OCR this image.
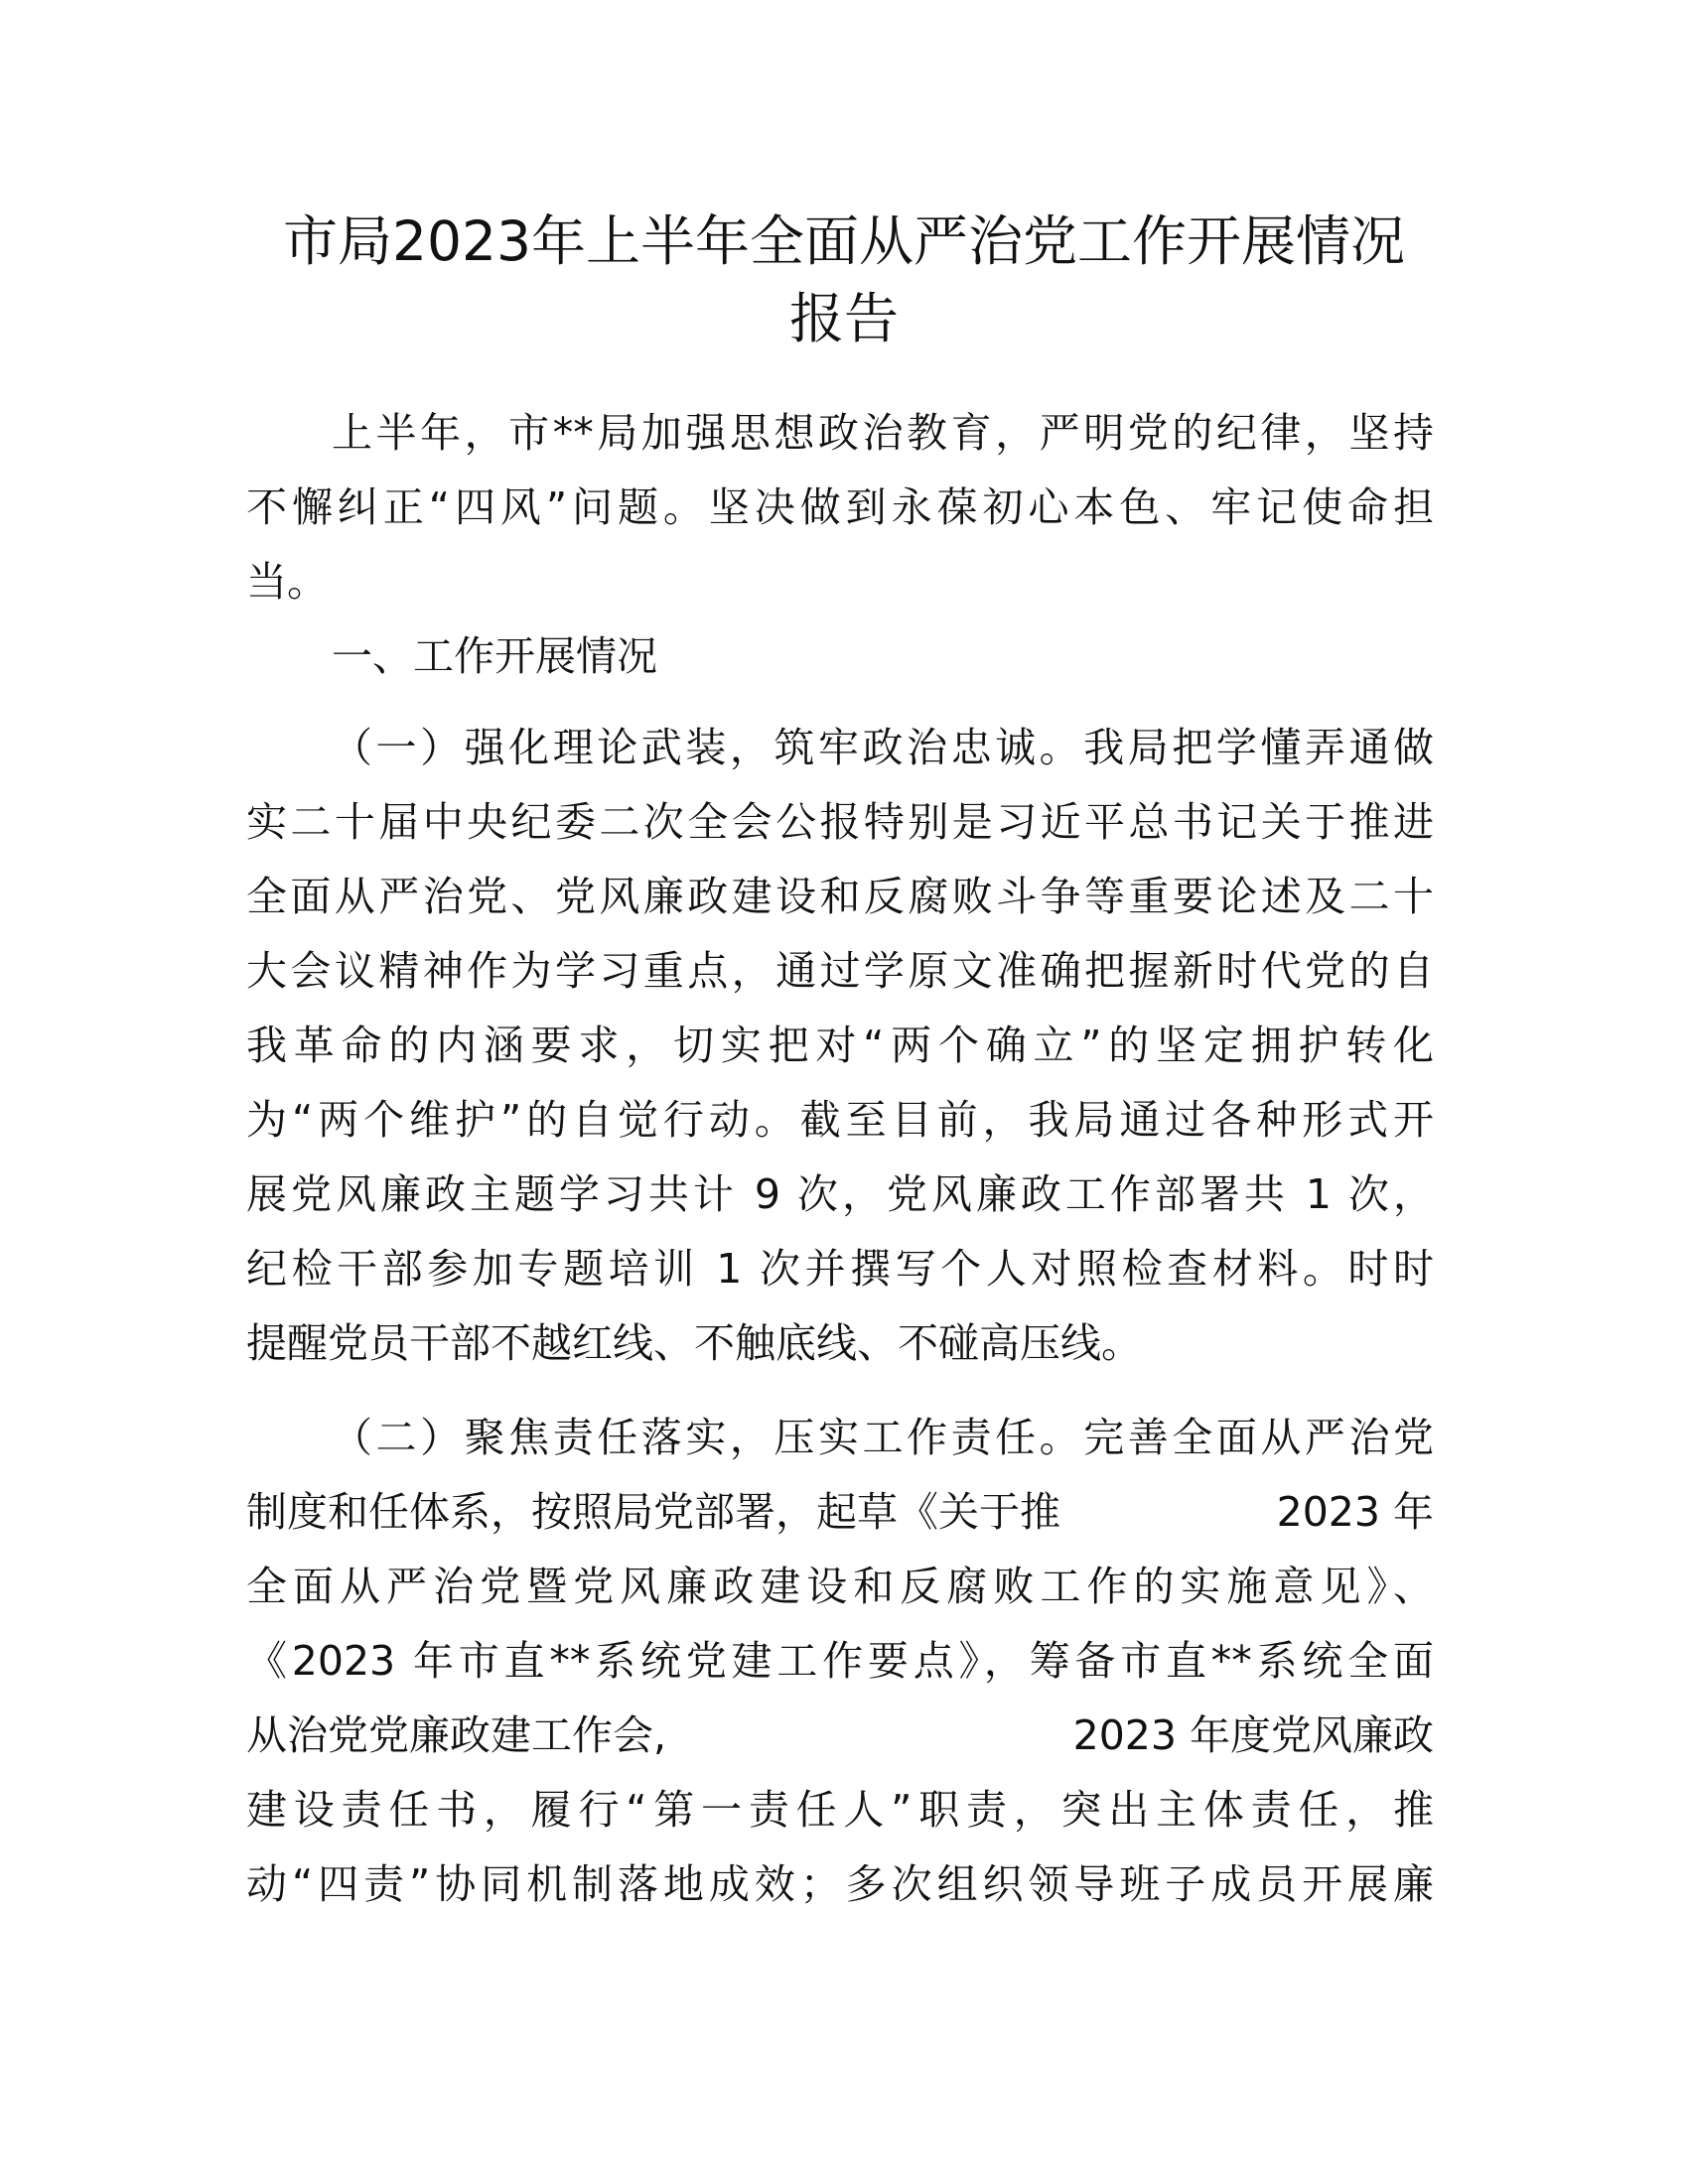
市局2023年上半年全面从严治党工作开展情况
报告

上半年，市**局加强思想政治教育，严明党的纪律，坚持

不懈纠正“四风”问题。坚决做到永葆初心本色、牢记使命担

当。

一、工作开展情况

（一）强化理论武装，筑牢政治忠诚。我局把学懂弄通做

实二十届中央纪委二次全会公报特别是习近平总书记关于推进

全面从严治党、党风廉政建设和反腐败斗争等重要论述及二十

大会议精神作为学习重点，通过学原文准确把握新时代党的自

我革命的内涵要求，切实把对“两个确立”的坚定拥护转化

为“两个维护”的自觉行动。截至目前，我局通过各种形式开

展党风廉政主题学习共计 9 次，党风廉政工作部署共 1 次，

纪检干部参加专题培训 1 次并撰写个人对照检查材料。时时

提醒党员干部不越红线、不触底线、不碰高压线。

（二）聚焦责任落实，压实工作责任。完善全面从严治党

制度和任体系，按照局党部署，起草《关于推	2023 年

全面从严治党暨党风廉政建设和反腐败工作的实施意见》、

《2023 年市直**系统党建工作要点》，筹备市直**系统全面

从治党党廉政建工作会,	2023 年度党风廉政

建设责任书，履行“第一责任人”职责，突出主体责任，推

动“四责”协同机制落地成效；多次组织领导班子成员开展廉
